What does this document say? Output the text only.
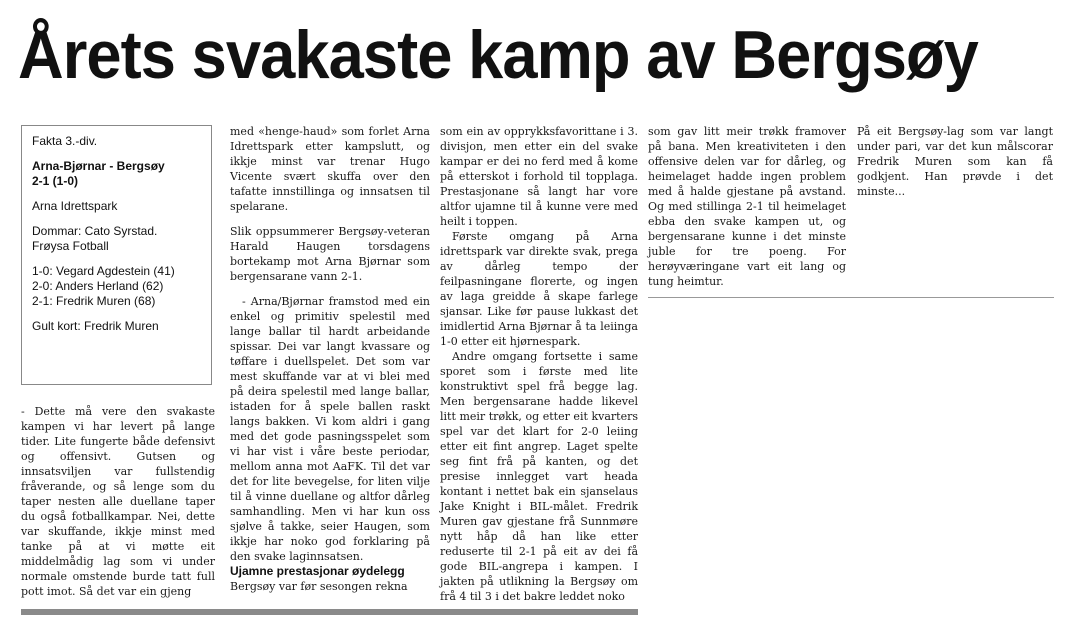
Årets svakaste kamp av Bergsøy

Fakta 3.-div.

Arna-Bjørnar - Bergsøy

2-1 (1-0)

Arna Idrettspark

Dommar: Cato Syrstad.

Frøysa Fotball

1-0: Vegard Agdestein (41)
2-0: Anders Herland (62)

2-1: Fredrik Muren (68)

Gult kort: Fredrik Muren

- Dette må vere den svakaste kampen vi har levert på lange tider. Lite fungerte både defensivt og offensivt. Gutsen og innsatsviljen var fullstendig fråverande, og så lenge som du taper nesten alle duellane taper du også fotballkampar. Nei, dette var skuffande, ikkje minst med tanke på at vi møtte eit middelmådig lag som vi under normale omstende burde tatt full pott imot. Så det var ein gjeng

med «henge-haud» som forlet Arna Idrettspark etter kampslutt, og ikkje minst var trenar Hugo Vicente svært skuffa over den tafatte innstillinga og innsatsen til spelarane.

Slik oppsummerer Bergsøy-veteran Harald Haugen torsdagens bortekamp mot Arna Bjørnar som bergensarane vann 2-1.

- Arna/Bjørnar framstod med ein enkel og primitiv spelestil med lange ballar til hardt arbeidande spissar. Dei var langt kvassare og tøffare i duellspelet. Det som var mest skuffande var at vi blei med på deira spelestil med lange ballar, istaden for å spele ballen raskt langs bakken. Vi kom aldri i gang med det gode pasningsspelet som vi har vist i våre beste periodar, mellom anna mot AaFK. Til det var det for lite bevegelse, for liten vilje til å vinne duellane og altfor dårleg samhandling. Men vi har kun oss sjølve å takke, seier Haugen, som ikkje har noko god forklaring på den svake laginnsatsen.

Ujamne prestasjonar øydelegg

Bergsøy var før sesongen rekna

som ein av opprykksfavorittane i 3. divisjon, men etter ein del svake kampar er dei no ferd med å kome på etterskot i forhold til topplaga. Prestasjonane så langt har vore altfor ujamne til å kunne vere med heilt i toppen.

Første omgang på Arna idrettspark var direkte svak, prega av dårleg tempo der feilpasningane florerte, og ingen av laga greidde å skape farlege sjansar. Like før pause lukkast det imidlertid Arna Bjørnar å ta leiinga 1-0 etter eit hjørnespark.

Andre omgang fortsette i same sporet som i første med lite konstruktivt spel frå begge lag. Men bergensarane hadde likevel litt meir trøkk, og etter eit kvarters spel var det klart for 2-0 leiing etter eit fint angrep. Laget spelte seg fint frå på kanten, og det presise innlegget vart heada kontant i nettet bak ein sjanselaus Jake Knight i BIL-målet. Fredrik Muren gav gjestane frå Sunnmøre nytt håp då han like etter reduserte til 2-1 på eit av dei få gode BIL-angrepa i kampen. I jakten på utlikning la Bergsøy om frå 4 til 3 i det bakre leddet noko

som gav litt meir trøkk framover på bana. Men kreativiteten i den offensive delen var for dårleg, og heimelaget hadde ingen problem med å halde gjestane på avstand. Og med stillinga 2-1 til heimelaget ebba den svake kampen ut, og bergensarane kunne i det minste juble for tre poeng. For herøyværingane vart eit lang og tung heimtur.

På eit Bergsøy-lag som var langt under pari, var det kun målscorar Fredrik Muren som kan få godkjent. Han prøvde i det minste...
